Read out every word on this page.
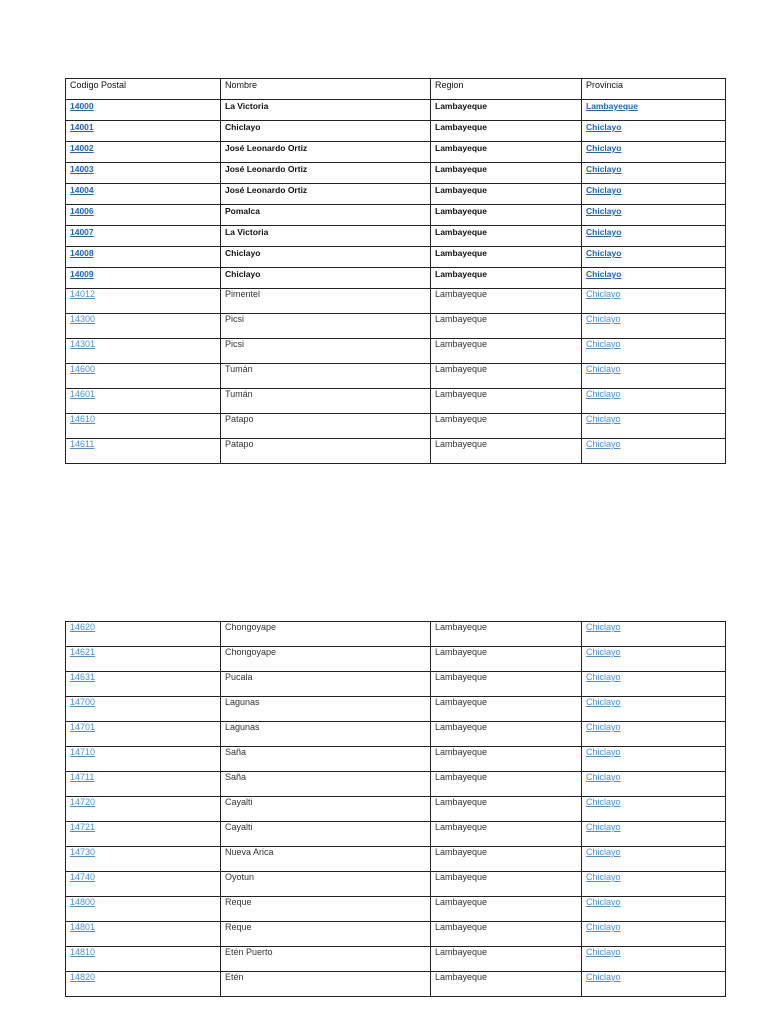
Codigo Postal	Nombre	Region	Provincia
14000	La Victoria	Lambayeque	Lambayeque
14001	Chiclayo	Lambayeque	Chiclayo
14002	José Leonardo Ortiz	Lambayeque	Chiclayo
14003	José Leonardo Ortiz	Lambayeque	Chiclayo
14004	José Leonardo Ortiz	Lambayeque	Chiclayo
14006	Pomalca	Lambayeque	Chiclayo
14007	La Victoria	Lambayeque	Chiclayo
14008	Chiclayo	Lambayeque	Chiclayo
14009	Chiclayo	Lambayeque	Chiclayo
14012	Pimentel	Lambayeque	Chiclayo
14300	Picsi	Lambayeque	Chiclayo
14301	Picsi	Lambayeque	Chiclayo
14600	Tumán	Lambayeque	Chiclayo
14601	Tumán	Lambayeque	Chiclayo
14610	Patapo	Lambayeque	Chiclayo
14611	Patapo	Lambayeque	Chiclayo
14620	Chongoyape	Lambayeque	Chiclayo
14621	Chongoyape	Lambayeque	Chiclayo
14631	Pucala	Lambayeque	Chiclayo
14700	Lagunas	Lambayeque	Chiclayo
14701	Lagunas	Lambayeque	Chiclayo
14710	Saña	Lambayeque	Chiclayo
14711	Saña	Lambayeque	Chiclayo
14720	Cayalti	Lambayeque	Chiclayo
14721	Cayalti	Lambayeque	Chiclayo
14730	Nueva Arica	Lambayeque	Chiclayo
14740	Oyotun	Lambayeque	Chiclayo
14800	Reque	Lambayeque	Chiclayo
14801	Reque	Lambayeque	Chiclayo
14810	Etén Puerto	Lambayeque	Chiclayo
14820	Etén	Lambayeque	Chiclayo
